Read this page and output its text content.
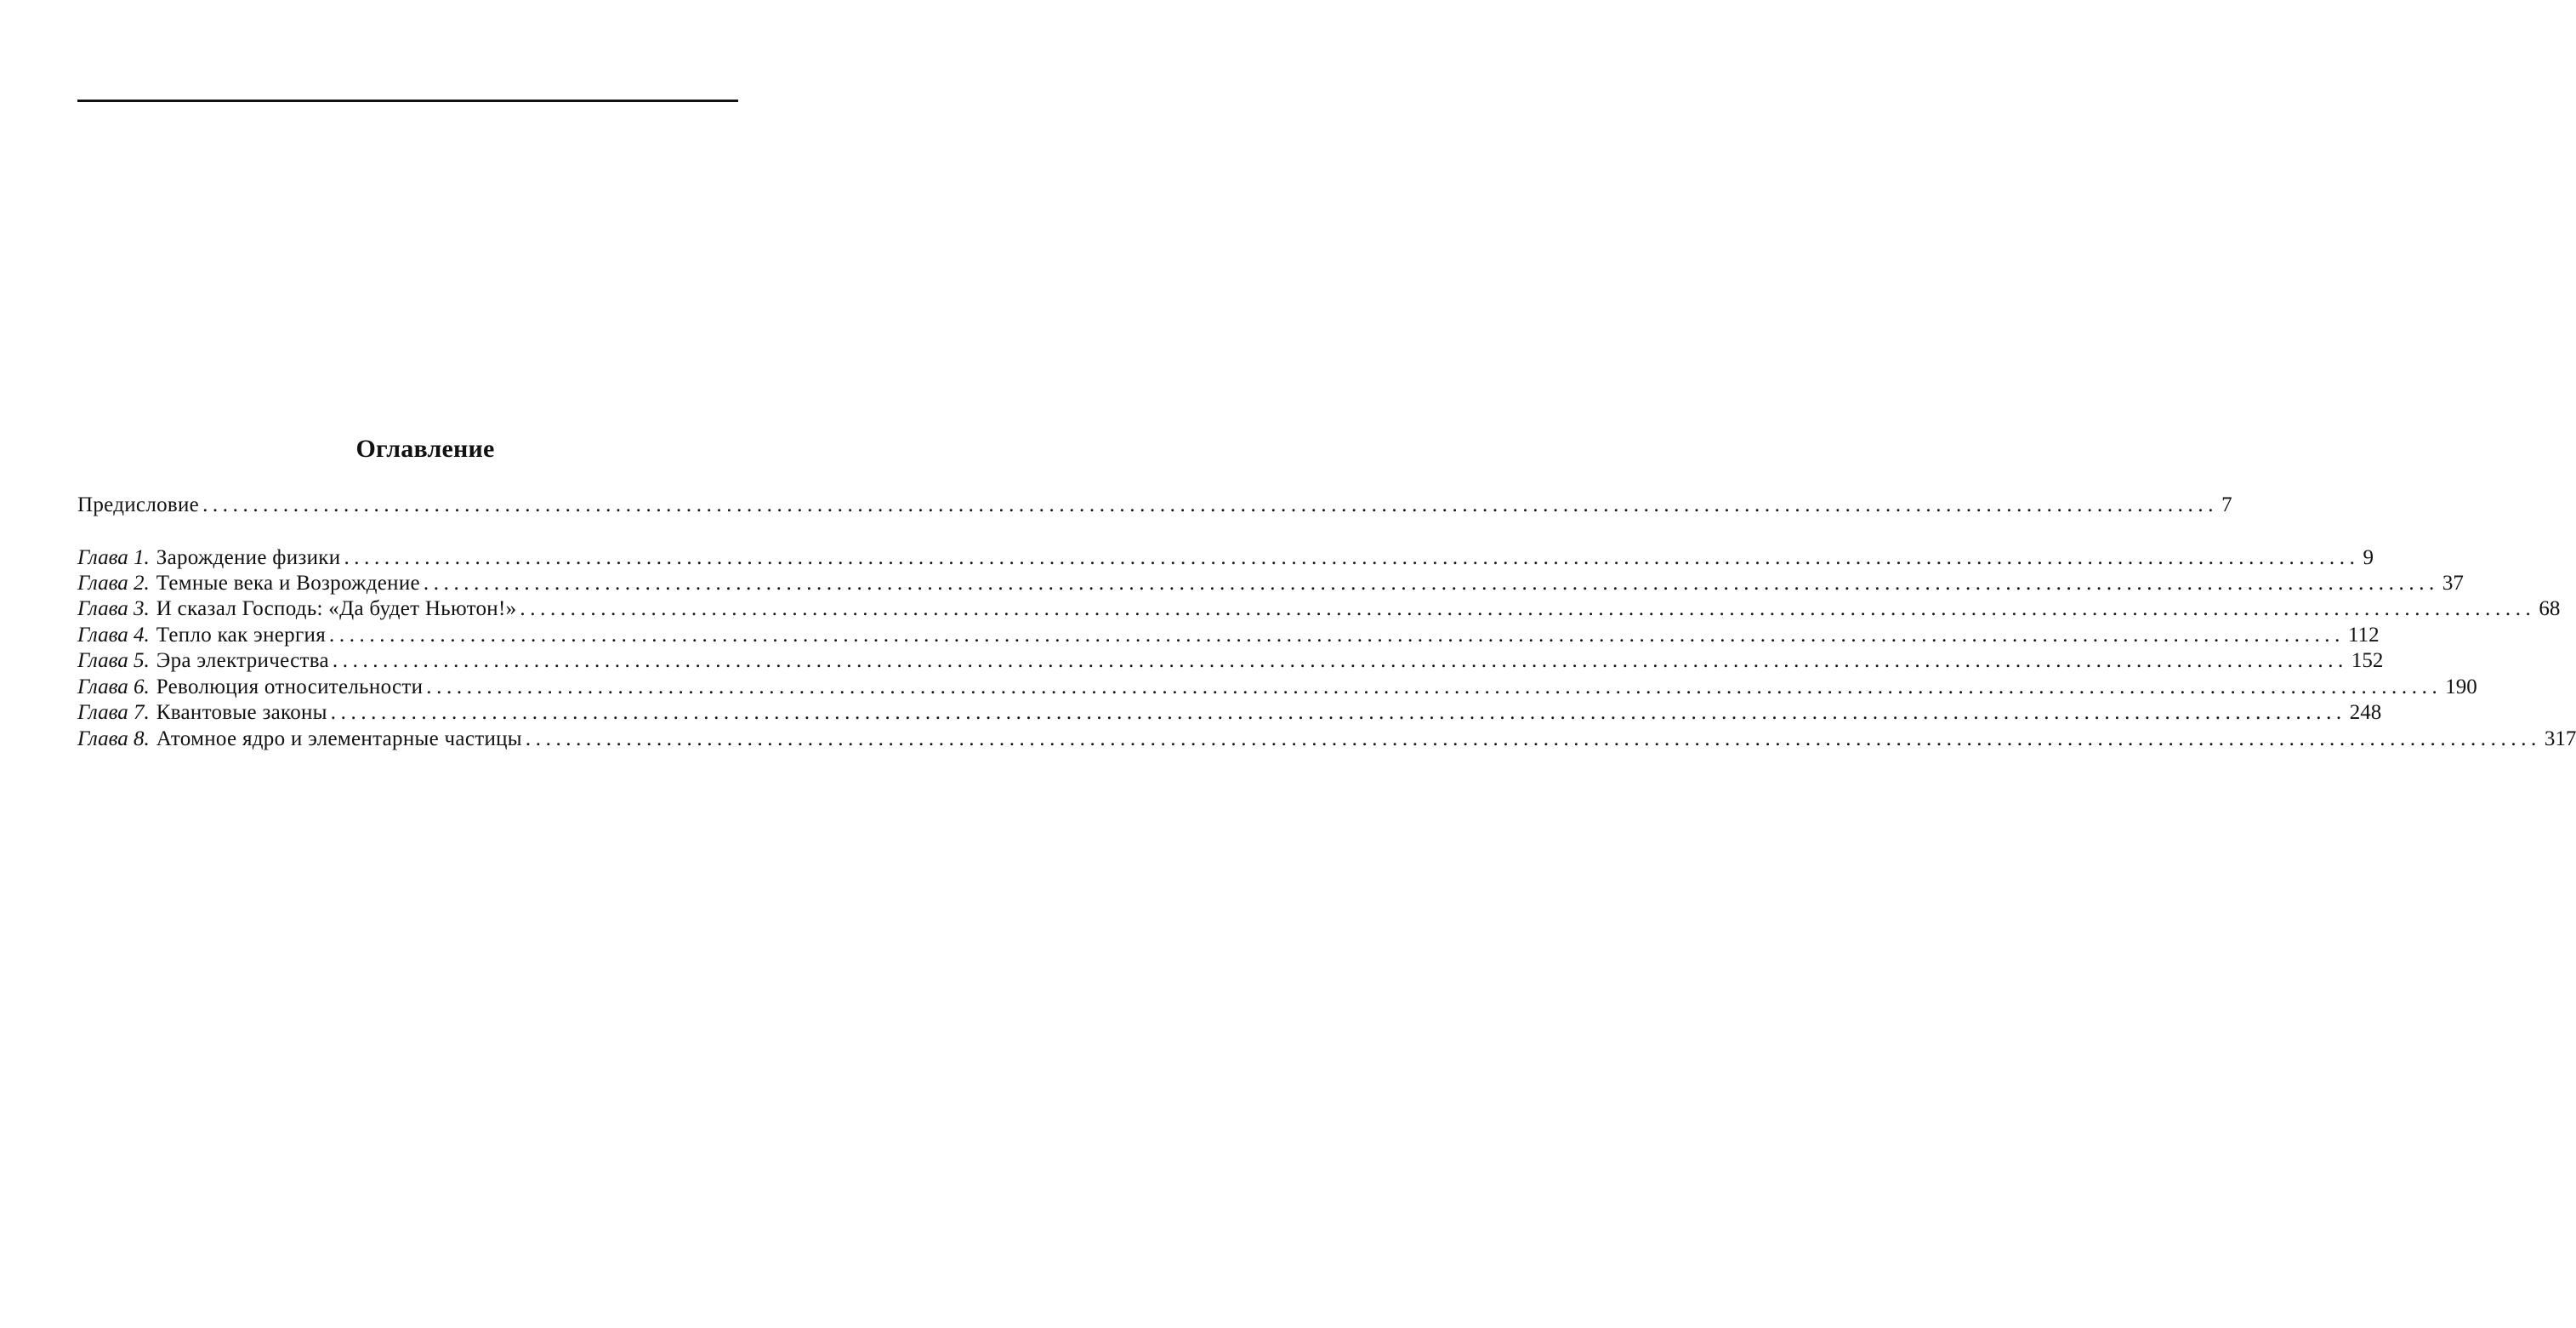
Оглавление
Предисловие ........................................................................................................................................................................................................ 7
Глава 1. Зарождение физики ........................................................................................................................................................................................................ 9
Глава 2. Темные века и Возрождение ........................................................................................................................................................................................................ 37
Глава 3. И сказал Господь: «Да будет Ньютон!» ........................................................................................................................................................................................................ 68
Глава 4. Тепло как энергия ........................................................................................................................................................................................................ 112
Глава 5. Эра электричества ........................................................................................................................................................................................................ 152
Глава 6. Революция относительности ........................................................................................................................................................................................................ 190
Глава 7. Квантовые законы ........................................................................................................................................................................................................ 248
Глава 8. Атомное ядро и элементарные частицы ........................................................................................................................................................................................................ 317
